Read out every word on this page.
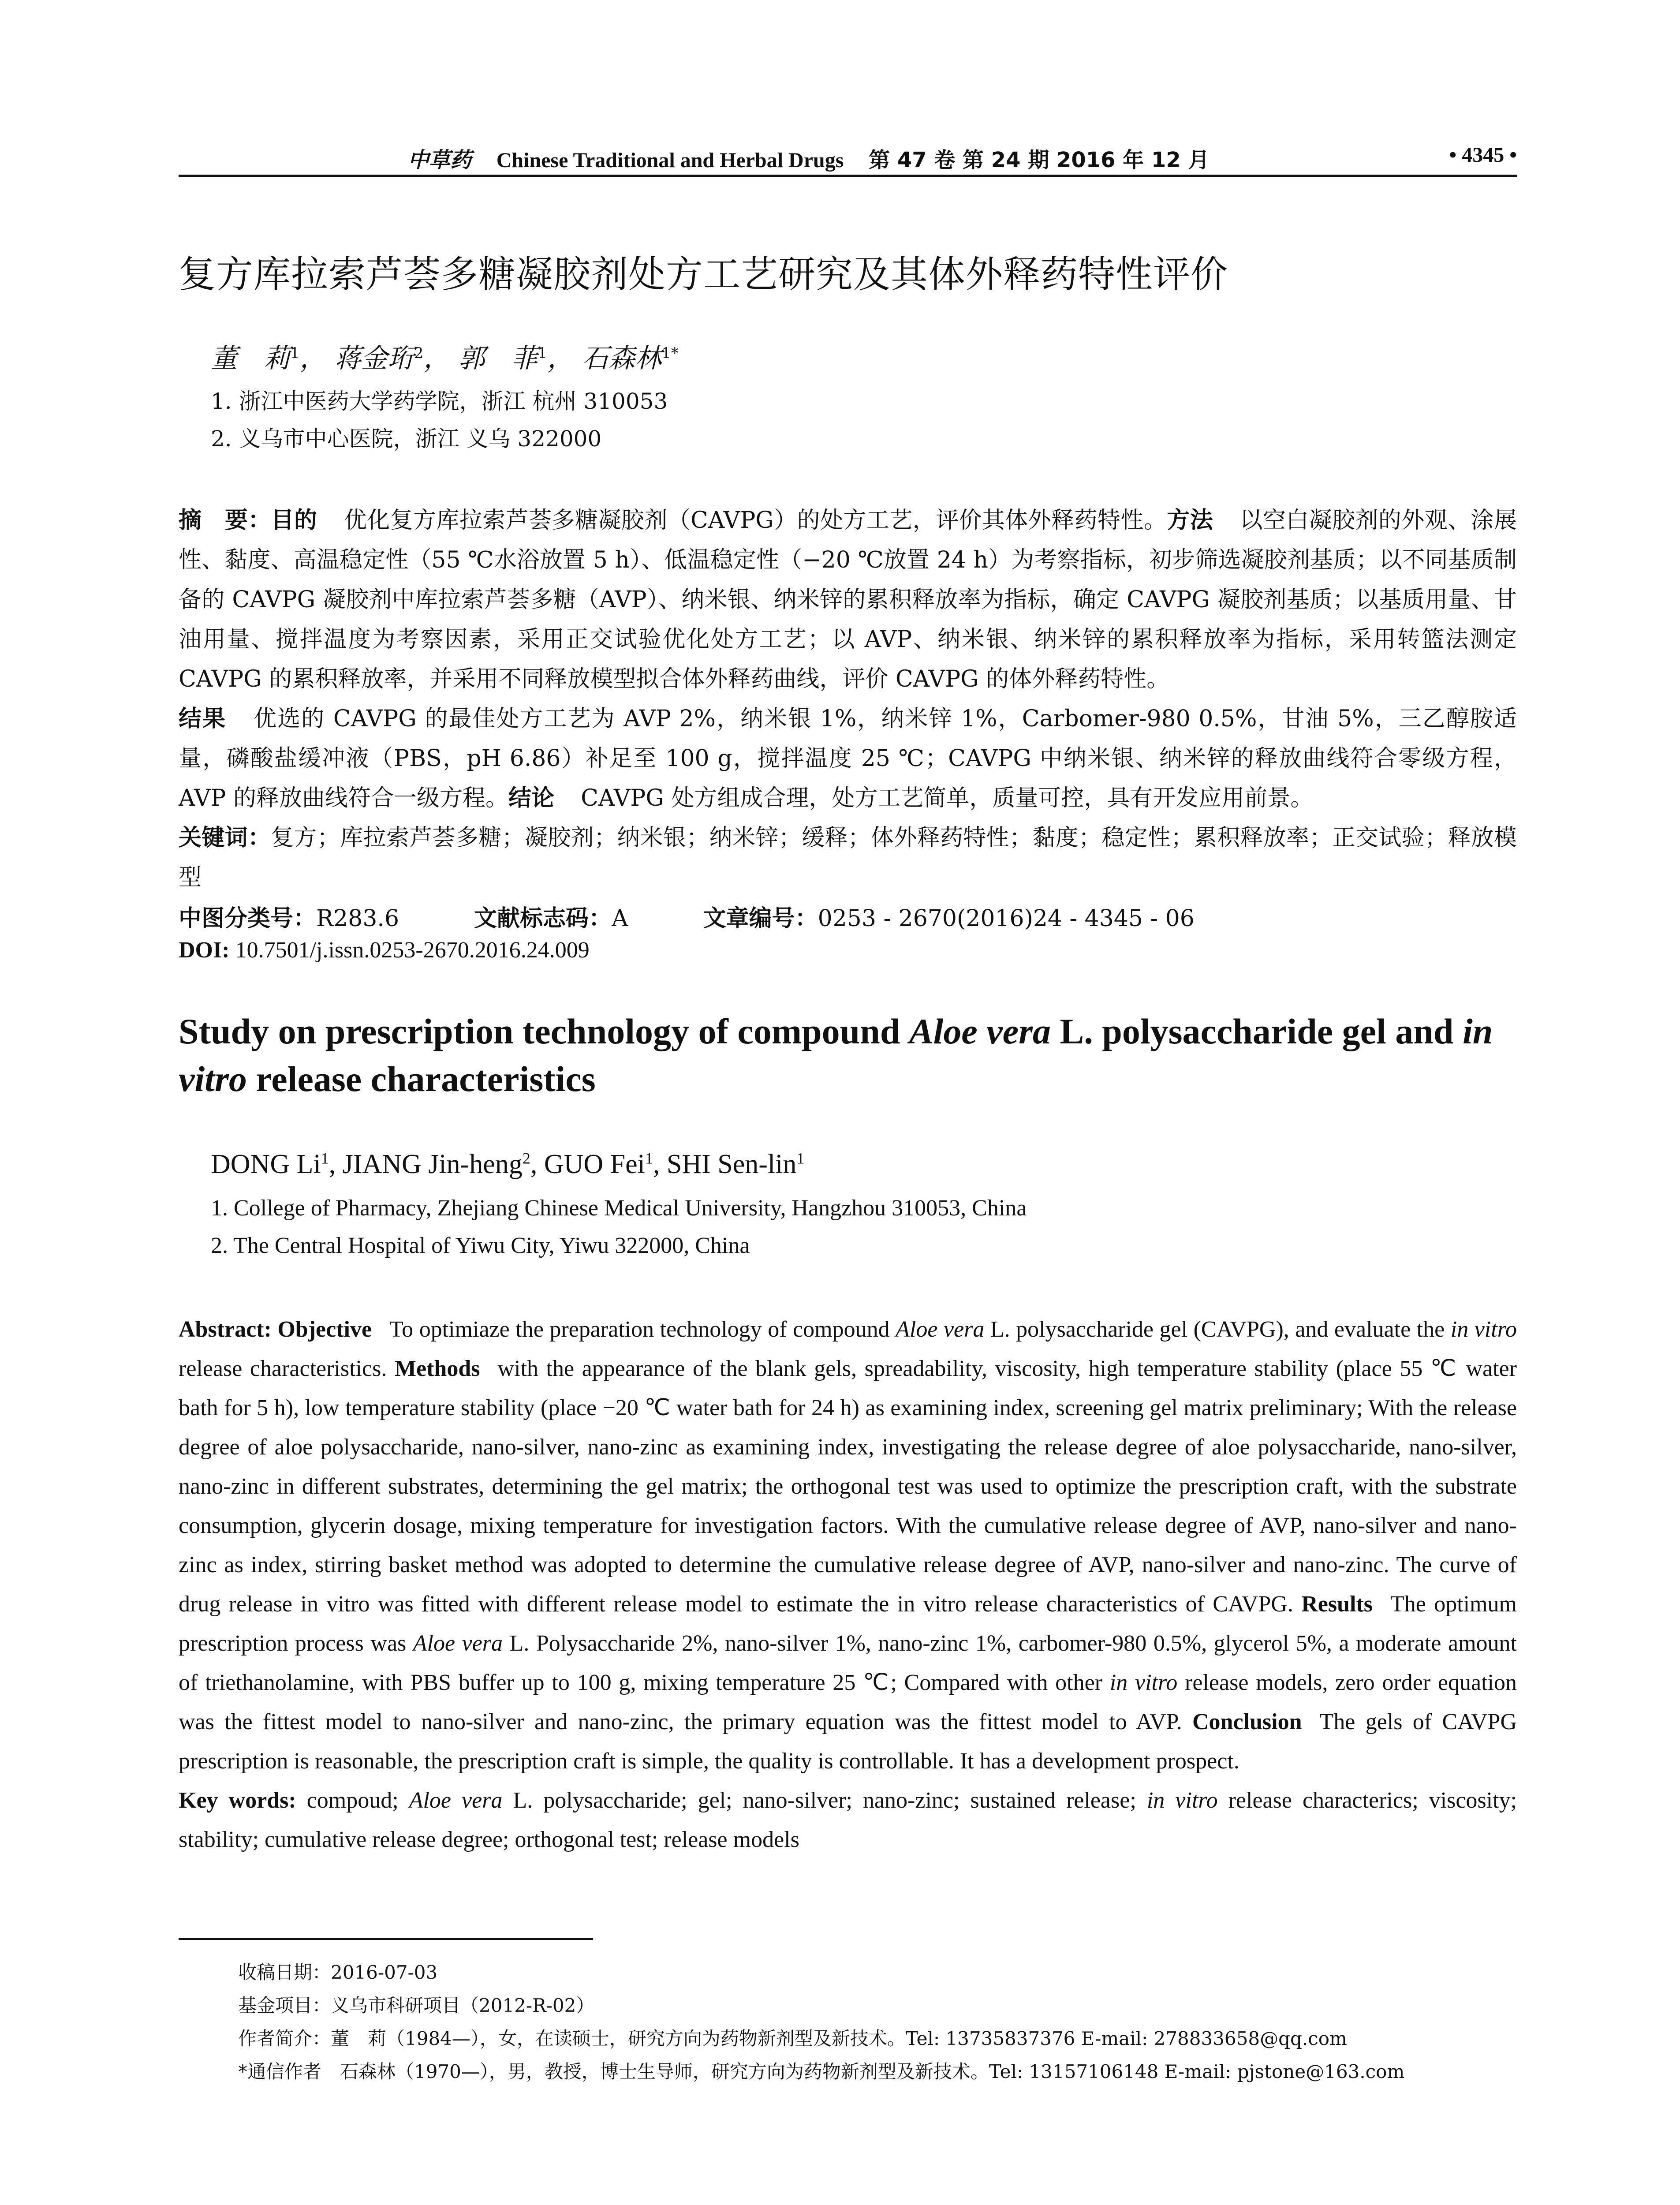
中草药 Chinese Traditional and Herbal Drugs 第 47 卷 第 24 期 2016 年 12 月	• 4345 •
复方库拉索芦荟多糖凝胶剂处方工艺研究及其体外释药特性评价
董　莉$^1$， 蒋金珩$^2$， 郭　菲$^1$， 石森林$^{1*}$
1. 浙江中医药大学药学院，浙江 杭州 310053
2. 义乌市中心医院，浙江 义乌 322000
摘　要：目的 优化复方库拉索芦荟多糖凝胶剂（CAVPG）的处方工艺，评价其体外释药特性。方法 以空白凝胶剂的外观、涂展性、黏度、高温稳定性（55 ℃水浴放置 5 h）、低温稳定性（−20 ℃放置 24 h）为考察指标，初步筛选凝胶剂基质；以不同基质制备的 CAVPG 凝胶剂中库拉索芦荟多糖（AVP）、纳米银、纳米锌的累积释放率为指标，确定 CAVPG 凝胶剂基质；以基质用量、甘油用量、搅拌温度为考察因素，采用正交试验优化处方工艺；以 AVP、纳米银、纳米锌的累积释放率为指标，采用转篮法测定 CAVPG 的累积释放率，并采用不同释放模型拟合体外释药曲线，评价 CAVPG 的体外释药特性。
结果 优选的 CAVPG 的最佳处方工艺为 AVP 2%，纳米银 1%，纳米锌 1%，Carbomer-980 0.5%，甘油 5%，三乙醇胺适量，磷酸盐缓冲液（PBS，pH 6.86）补足至 100 g，搅拌温度 25 ℃；CAVPG 中纳米银、纳米锌的释放曲线符合零级方程，AVP 的释放曲线符合一级方程。结论 CAVPG 处方组成合理，处方工艺简单，质量可控，具有开发应用前景。
关键词：复方；库拉索芦荟多糖；凝胶剂；纳米银；纳米锌；缓释；体外释药特性；黏度；稳定性；累积释放率；正交试验；释放模型
中图分类号：R283.6	文献标志码：A	文章编号：0253 - 2670(2016)24 - 4345 - 06
DOI: 10.7501/j.issn.0253-2670.2016.24.009
Study on prescription technology of compound Aloe vera L. polysaccharide gel and in vitro release characteristics
DONG Li$^1$, JIANG Jin-heng$^2$, GUO Fei$^1$, SHI Sen-lin$^1$
1. College of Pharmacy, Zhejiang Chinese Medical University, Hangzhou 310053, China
2. The Central Hospital of Yiwu City, Yiwu 322000, China
Abstract: Objective To optimiaze the preparation technology of compound Aloe vera L. polysaccharide gel (CAVPG), and evaluate the in vitro release characteristics. Methods with the appearance of the blank gels, spreadability, viscosity, high temperature stability (place 55 ℃ water bath for 5 h), low temperature stability (place −20 ℃ water bath for 24 h) as examining index, screening gel matrix preliminary; With the release degree of aloe polysaccharide, nano-silver, nano-zinc as examining index, investigating the release degree of aloe polysaccharide, nano-silver, nano-zinc in different substrates, determining the gel matrix; the orthogonal test was used to optimize the prescription craft, with the substrate consumption, glycerin dosage, mixing temperature for investigation factors. With the cumulative release degree of AVP, nano-silver and nano-zinc as index, stirring basket method was adopted to determine the cumulative release degree of AVP, nano-silver and nano-zinc. The curve of drug release in vitro was fitted with different release model to estimate the in vitro release characteristics of CAVPG. Results The optimum prescription process was Aloe vera L. Polysaccharide 2%, nano-silver 1%, nano-zinc 1%, carbomer-980 0.5%, glycerol 5%, a moderate amount of triethanolamine, with PBS buffer up to 100 g, mixing temperature 25 ℃; Compared with other in vitro release models, zero order equation was the fittest model to nano-silver and nano-zinc, the primary equation was the fittest model to AVP. Conclusion The gels of CAVPG prescription is reasonable, the prescription craft is simple, the quality is controllable. It has a development prospect.
Key words: compoud; Aloe vera L. polysaccharide; gel; nano-silver; nano-zinc; sustained release; in vitro release characterics; viscosity; stability; cumulative release degree; orthogonal test; release models
收稿日期：2016-07-03
基金项目：义乌市科研项目（2012-R-02）
作者简介：董　莉（1984—），女，在读硕士，研究方向为药物新剂型及新技术。Tel: 13735837376 E-mail: 278833658@qq.com
*通信作者  石森林（1970—），男，教授，博士生导师，研究方向为药物新剂型及新技术。Tel: 13157106148 E-mail: pjstone@163.com
